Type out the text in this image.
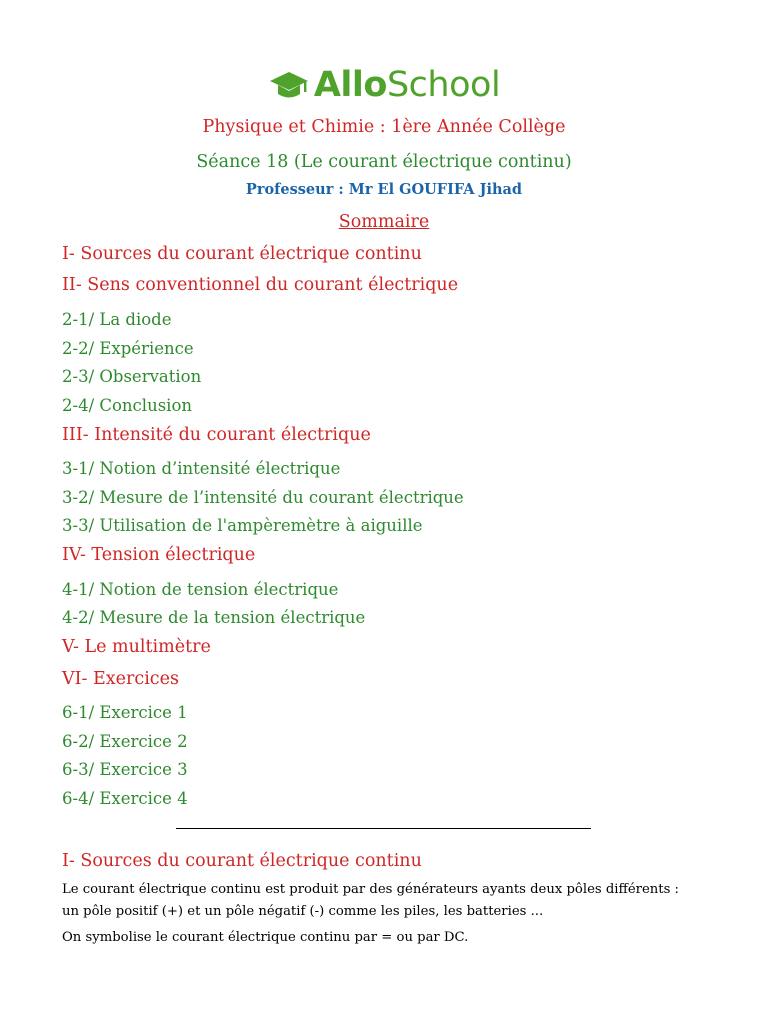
AlloSchool
Physique et Chimie : 1ère Année Collège
Séance 18 (Le courant électrique continu)
Professeur : Mr El GOUFIFA Jihad
Sommaire
I- Sources du courant électrique continu
II- Sens conventionnel du courant électrique
2-1/ La diode
2-2/ Expérience
2-3/ Observation
2-4/ Conclusion
III- Intensité du courant électrique
3-1/ Notion d’intensité électrique
3-2/ Mesure de l’intensité du courant électrique
3-3/ Utilisation de l'ampèremètre à aiguille
IV- Tension électrique
4-1/ Notion de tension électrique
4-2/ Mesure de la tension électrique
V- Le multimètre
VI- Exercices
6-1/ Exercice 1
6-2/ Exercice 2
6-3/ Exercice 3
6-4/ Exercice 4
I- Sources du courant électrique continu
Le courant électrique continu est produit par des générateurs ayants deux pôles différents :
un pôle positif (+) et un pôle négatif (-) comme les piles, les batteries ...
On symbolise le courant électrique continu par = ou par DC.
